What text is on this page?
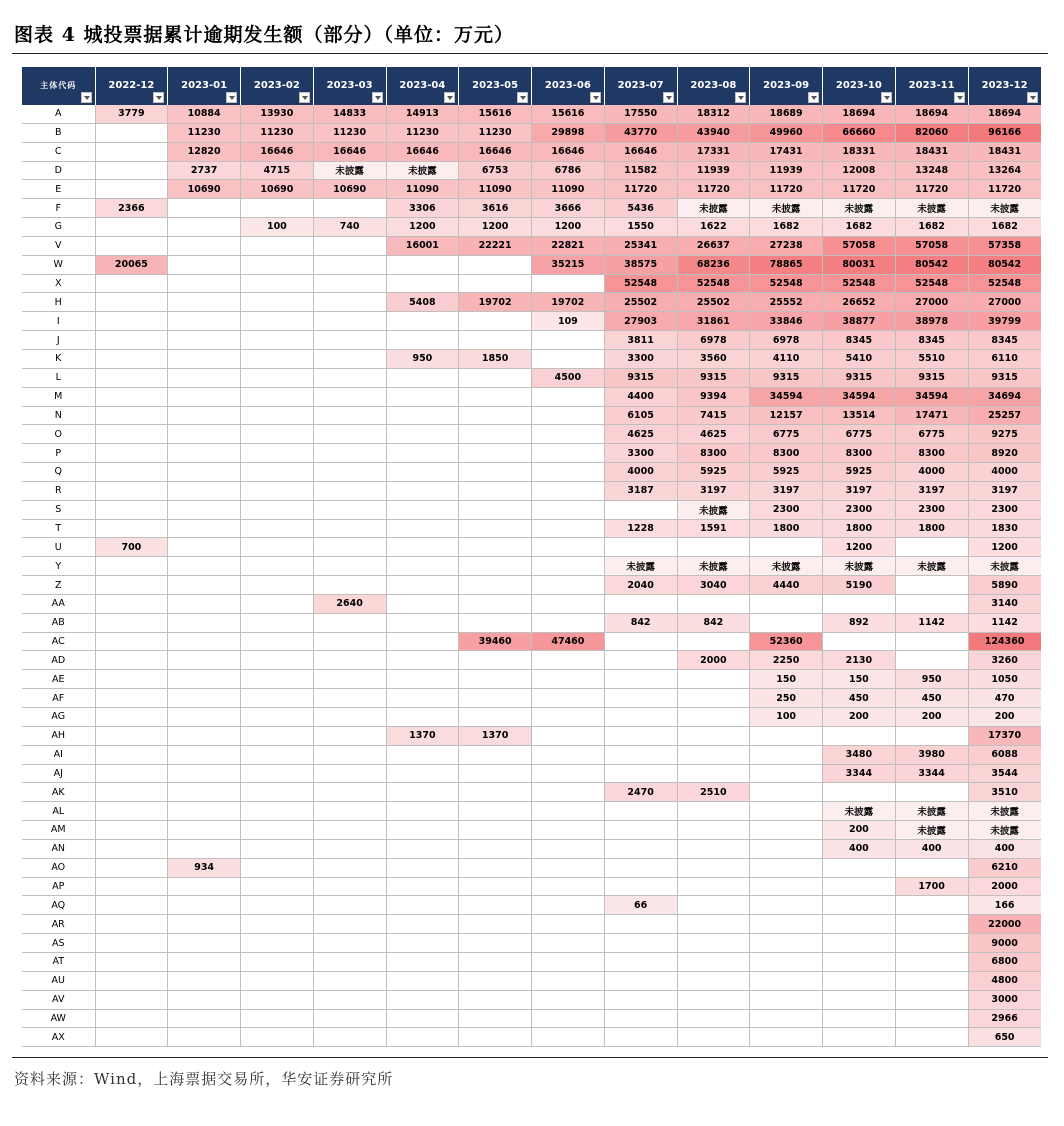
图表 4 城投票据累计逾期发生额（部分）（单位：万元）
主体代码	2022-12	2023-01	2023-02	2023-03	2023-04	2023-05	2023-06	2023-07	2023-08	2023-09	2023-10	2023-11	2023-12

A	3779	10884	13930	14833	14913	15616	15616	17550	18312	18689	18694	18694	18694
B		11230	11230	11230	11230	11230	29898	43770	43940	49960	66660	82060	96166
C		12820	16646	16646	16646	16646	16646	16646	17331	17431	18331	18431	18431
D		2737	4715	未披露	未披露	6753	6786	11582	11939	11939	12008	13248	13264
E		10690	10690	10690	11090	11090	11090	11720	11720	11720	11720	11720	11720
F	2366				3306	3616	3666	5436	未披露	未披露	未披露	未披露	未披露
G			100	740	1200	1200	1200	1550	1622	1682	1682	1682	1682
V					16001	22221	22821	25341	26637	27238	57058	57058	57358
W	20065						35215	38575	68236	78865	80031	80542	80542
X								52548	52548	52548	52548	52548	52548
H					5408	19702	19702	25502	25502	25552	26652	27000	27000
I							109	27903	31861	33846	38877	38978	39799
J								3811	6978	6978	8345	8345	8345
K					950	1850		3300	3560	4110	5410	5510	6110
L							4500	9315	9315	9315	9315	9315	9315
M								4400	9394	34594	34594	34594	34694
N								6105	7415	12157	13514	17471	25257
O								4625	4625	6775	6775	6775	9275
P								3300	8300	8300	8300	8300	8920
Q								4000	5925	5925	5925	4000	4000
R								3187	3197	3197	3197	3197	3197
S									未披露	2300	2300	2300	2300
T								1228	1591	1800	1800	1800	1830
U	700										1200		1200
Y								未披露	未披露	未披露	未披露	未披露	未披露
Z								2040	3040	4440	5190		5890
AA				2640									3140
AB								842	842		892	1142	1142
AC						39460	47460			52360			124360
AD									2000	2250	2130		3260
AE										150	150	950	1050
AF										250	450	450	470
AG										100	200	200	200
AH					1370	1370							17370
AI											3480	3980	6088
AJ											3344	3344	3544
AK								2470	2510				3510
AL											未披露	未披露	未披露
AM											200	未披露	未披露
AN											400	400	400
AO		934											6210
AP												1700	2000
AQ								66					166
AR													22000
AS													9000
AT													6800
AU													4800
AV													3000
AW													2966
AX													650
资料来源：Wind，上海票据交易所，华安证券研究所
